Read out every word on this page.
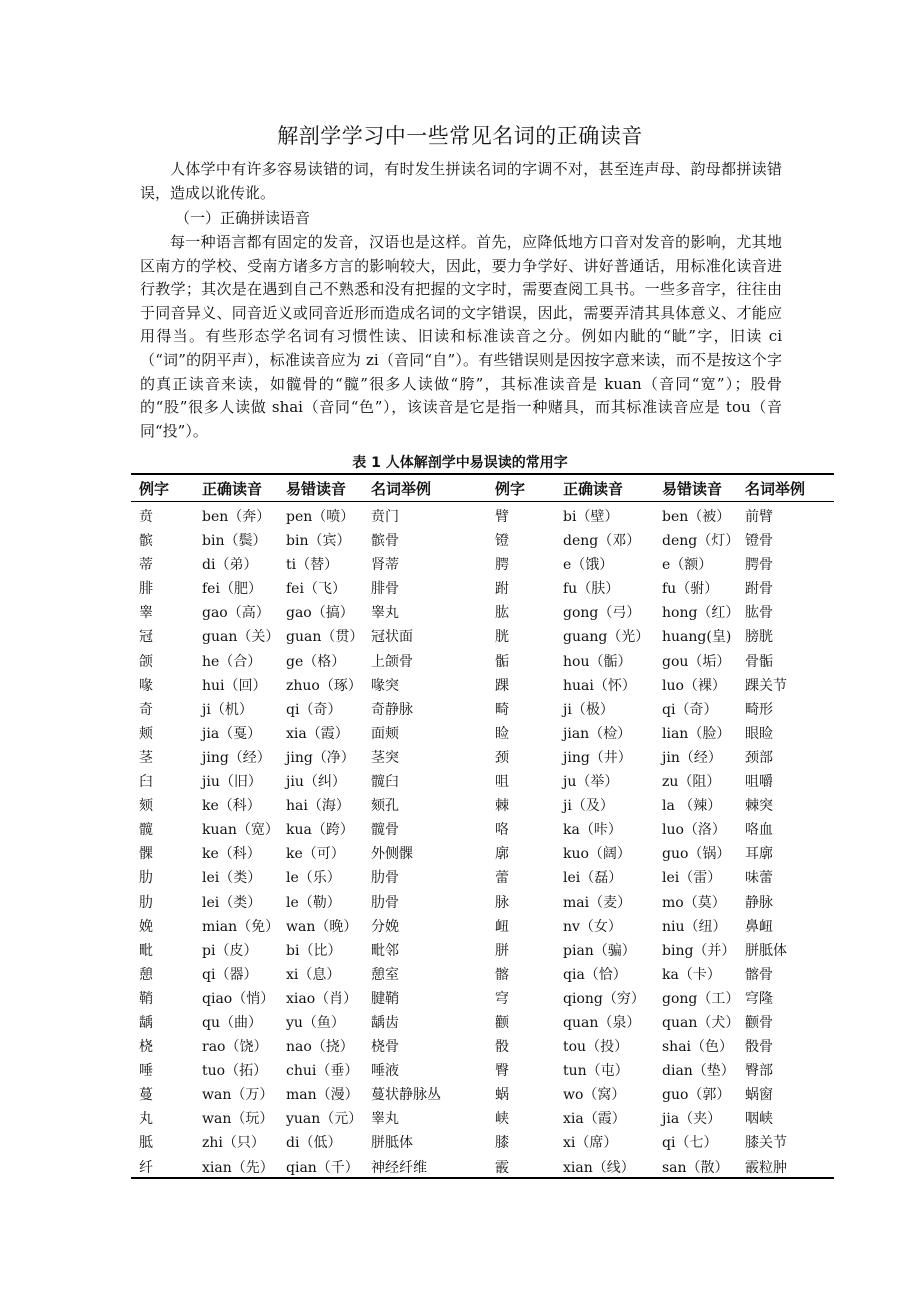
解剖学学习中一些常见名词的正确读音

人体学中有许多容易读错的词，有时发生拼读名词的字调不对，甚至连声母、韵母都拼读错误，造成以讹传讹。

（一）正确拼读语音

每一种语言都有固定的发音，汉语也是这样。首先，应降低地方口音对发音的影响，尤其地区南方的学校、受南方诸多方言的影响较大，因此，要力争学好、讲好普通话，用标准化读音进行教学；其次是在遇到自己不熟悉和没有把握的文字时，需要查阅工具书。一些多音字，往往由于同音异义、同音近义或同音近形而造成名词的文字错误，因此，需要弄清其具体意义、才能应用得当。有些形态学名词有习惯性读、旧读和标准读音之分。例如内眦的“眦”字，旧读 ci（“词”的阴平声），标准读音应为 zi（音同“自”）。有些错误则是因按字意来读，而不是按这个字的真正读音来读，如髋骨的“髋”很多人读做“胯”，其标准读音是 kuan（音同“宽”）；股骨的“股”很多人读做 shai（音同“色”），该读音是它是指一种赌具，而其标准读音应是 tou（音同“投”）。

表 1 人体解剖学中易误读的常用字
例字 正确读音 易错读音 名词举例	例字	正确读音	易错读音 名词举例
贲	ben（奔） pen（喷） 贲门	臂	bi（壁）	ben（被） 前臂
髌	bin（鬓） bin（宾） 髌骨	镫	deng（邓） deng（灯） 镫骨
蒂	di（弟） ti（替） 肾蒂	腭	e（饿）	e（额） 腭骨
腓	fei（肥） fei（飞） 腓骨	跗	fu（肤）	fu（驸） 跗骨
睾	gao（高） gao（搞） 睾丸	肱	gong（弓） hong（红） 肱骨
冠	guan（关） guan（贯） 冠状面	胱	guang（光） huang(皇) 膀胱
颌	he（合） ge（格） 上颌骨	骺	hou（骺） gou（垢） 骨骺
喙	hui（回） zhuo（琢） 喙突	踝	huai（怀） luo（裸） 踝关节
奇	ji（机） qi（奇） 奇静脉	畸	ji（极）	qi（奇） 畸形
颊	jia（戛） xia（霞） 面颊	睑	jian（检） lian（脸） 眼睑
茎	jing（经） jing（净） 茎突	颈	jing（井） jin（经） 颈部
臼	jiu（旧） jiu（纠） 髋臼	咀	ju（举）	zu（阻） 咀嚼
颏	ke（科） hai（海） 颏孔	棘	ji（及）	la （辣） 棘突
髋	kuan（宽） kua（跨） 髋骨	咯	ka（咔）	luo（洛） 咯血
髁	ke（科） ke（可） 外侧髁	廓	kuo（阔） guo（锅） 耳廓
肋	lei（类） le（乐） 肋骨	蕾	lei（磊）	lei（雷） 味蕾
肋	lei（类） le（勒） 肋骨	脉	mai（麦） mo（莫） 静脉
娩	mian（免） wan（晚） 分娩	衄	nv（女）	niu（纽） 鼻衄
毗	pi（皮） bi（比） 毗邻	胼	pian（骗） bing（并） 胼胝体
憩	qi（器） xi（息） 憩室	髂	qia（恰）	ka（卡） 髂骨
鞘	qiao（悄） xiao（肖） 腱鞘	穹	qiong（穷） gong（工） 穹隆
龋	qu（曲） yu（鱼） 龋齿	颧	quan（泉） quan（犬） 颧骨
桡	rao（饶） nao（挠） 桡骨	骰	tou（投） shai（色） 骰骨
唾	tuo（拓） chui（垂） 唾液	臀	tun（屯） dian（垫） 臀部
蔓	wan（万） man（漫） 蔓状静脉丛	蜗	wo（窝）	guo（郭） 蜗窗
丸	wan（玩） yuan（元） 睾丸	峡	xia（霞）	jia（夹） 咽峡
胝	zhi（只） di（低） 胼胝体	膝	xi（席）	qi（七） 膝关节
纤	xian（先） qian（千） 神经纤维	霰	xian（线） san（散） 霰粒肿
